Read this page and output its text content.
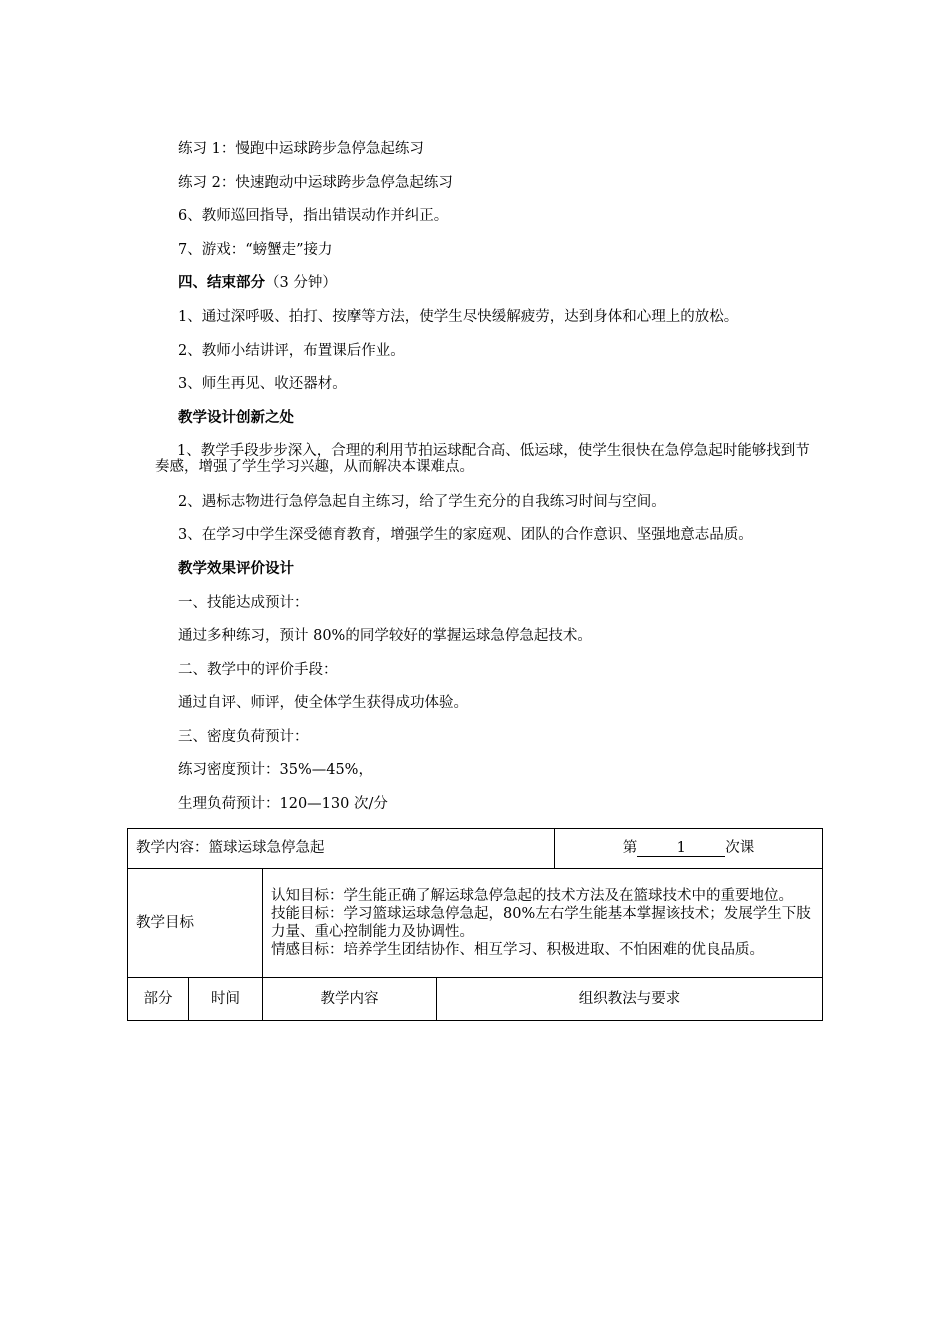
练习 1：慢跑中运球跨步急停急起练习
练习 2：快速跑动中运球跨步急停急起练习
6、教师巡回指导，指出错误动作并纠正。
7、游戏：“螃蟹走”接力
四、结束部分（3 分钟）
1、通过深呼吸、拍打、按摩等方法，使学生尽快缓解疲劳，达到身体和心理上的放松。
2、教师小结讲评，布置课后作业。
3、师生再见、收还器材。
教学设计创新之处
1、教学手段步步深入，合理的利用节拍运球配合高、低运球，使学生很快在急停急起时能够找到节奏感，增强了学生学习兴趣，从而解决本课难点。
2、遇标志物进行急停急起自主练习，给了学生充分的自我练习时间与空间。
3、在学习中学生深受德育教育，增强学生的家庭观、团队的合作意识、坚强地意志品质。
教学效果评价设计
一、技能达成预计：
通过多种练习，预计 80%的同学较好的掌握运球急停急起技术。
二、教学中的评价手段：
通过自评、师评，使全体学生获得成功体验。
三、密度负荷预计：
练习密度预计：35%—45%，
生理负荷预计：120—130 次/分
教学内容：篮球运球急停急起				第 1 次课
教学目标		认知目标：学生能正确了解运球急停急起的技术方法及在篮球技术中的重要地位。
技能目标：学习篮球运球急停急起，80%左右学生能基本掌握该技术；发展学生下肢力量、重心控制能力及协调性。
情感目标：培养学生团结协作、相互学习、积极进取、不怕困难的优良品质。		

部分	时间	教学内容	组织教法与要求	
